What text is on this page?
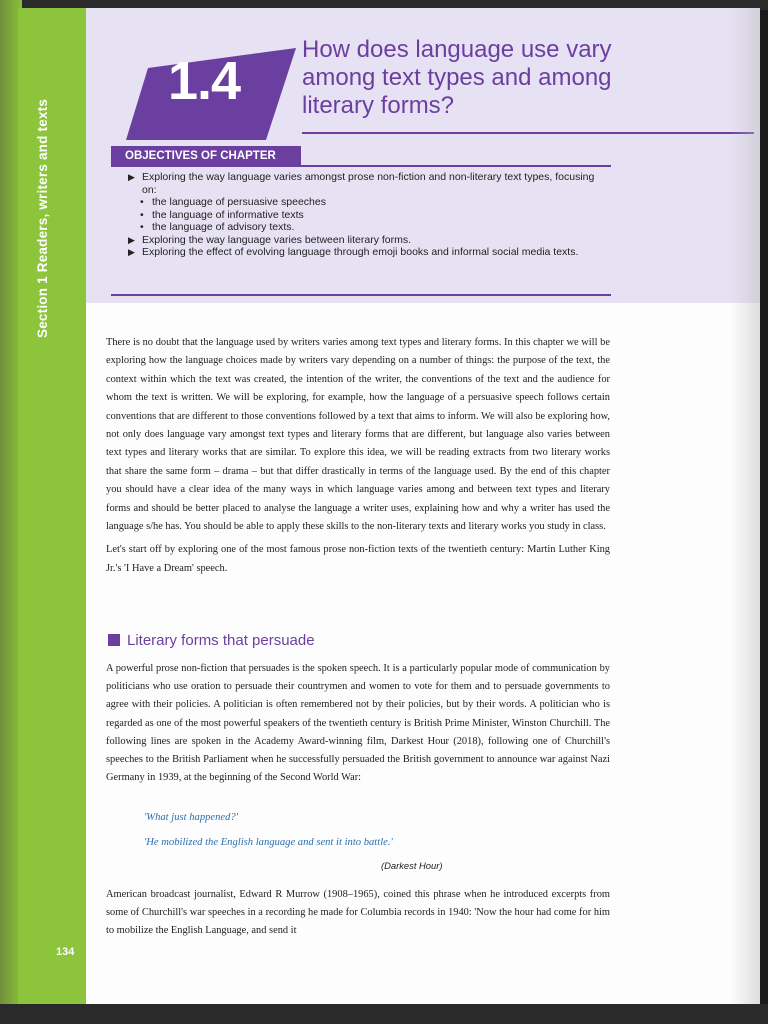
Section 1 Readers, writers and texts
134
1.4
How does language use vary among text types and among literary forms?
OBJECTIVES OF CHAPTER
▶ Exploring the way language varies amongst prose non-fiction and non-literary text types, focusing on:
• the language of persuasive speeches
• the language of informative texts
• the language of advisory texts.
▶ Exploring the way language varies between literary forms.
▶ Exploring the effect of evolving language through emoji books and informal social media texts.

There is no doubt that the language used by writers varies among text types and literary forms. In this chapter we will be exploring how the language choices made by writers vary depending on a number of things: the purpose of the text, the context within which the text was created, the intention of the writer, the conventions of the text and the audience for whom the text is written. We will be exploring, for example, how the language of a persuasive speech follows certain conventions that are different to those conventions followed by a text that aims to inform. We will also be exploring how, not only does language vary amongst text types and literary forms that are different, but language also varies between text types and literary works that are similar. To explore this idea, we will be reading extracts from two literary works that share the same form – drama – but that differ drastically in terms of the language used. By the end of this chapter you should have a clear idea of the many ways in which language varies among and between text types and literary forms and should be better placed to analyse the language a writer uses, explaining how and why a writer has used the language s/he has. You should be able to apply these skills to the non-literary texts and literary works you study in class.

Let's start off by exploring one of the most famous prose non-fiction texts of the twentieth century: Martin Luther King Jr.'s 'I Have a Dream' speech.

Literary forms that persuade
A powerful prose non-fiction that persuades is the spoken speech. It is a particularly popular mode of communication by politicians who use oration to persuade their countrymen and women to vote for them and to persuade governments to agree with their policies. A politician is often remembered not by their policies, but by their words. A politician who is regarded as one of the most powerful speakers of the twentieth century is British Prime Minister, Winston Churchill. The following lines are spoken in the Academy Award-winning film, Darkest Hour (2018), following one of Churchill's speeches to the British Parliament when he successfully persuaded the British government to announce war against Nazi Germany in 1939, at the beginning of the Second World War:
'What just happened?'
'He mobilized the English language and sent it into battle.'
(Darkest Hour)
American broadcast journalist, Edward R Murrow (1908–1965), coined this phrase when he introduced excerpts from some of Churchill's war speeches in a recording he made for Columbia records in 1940: 'Now the hour had come for him to mobilize the English Language, and send it
